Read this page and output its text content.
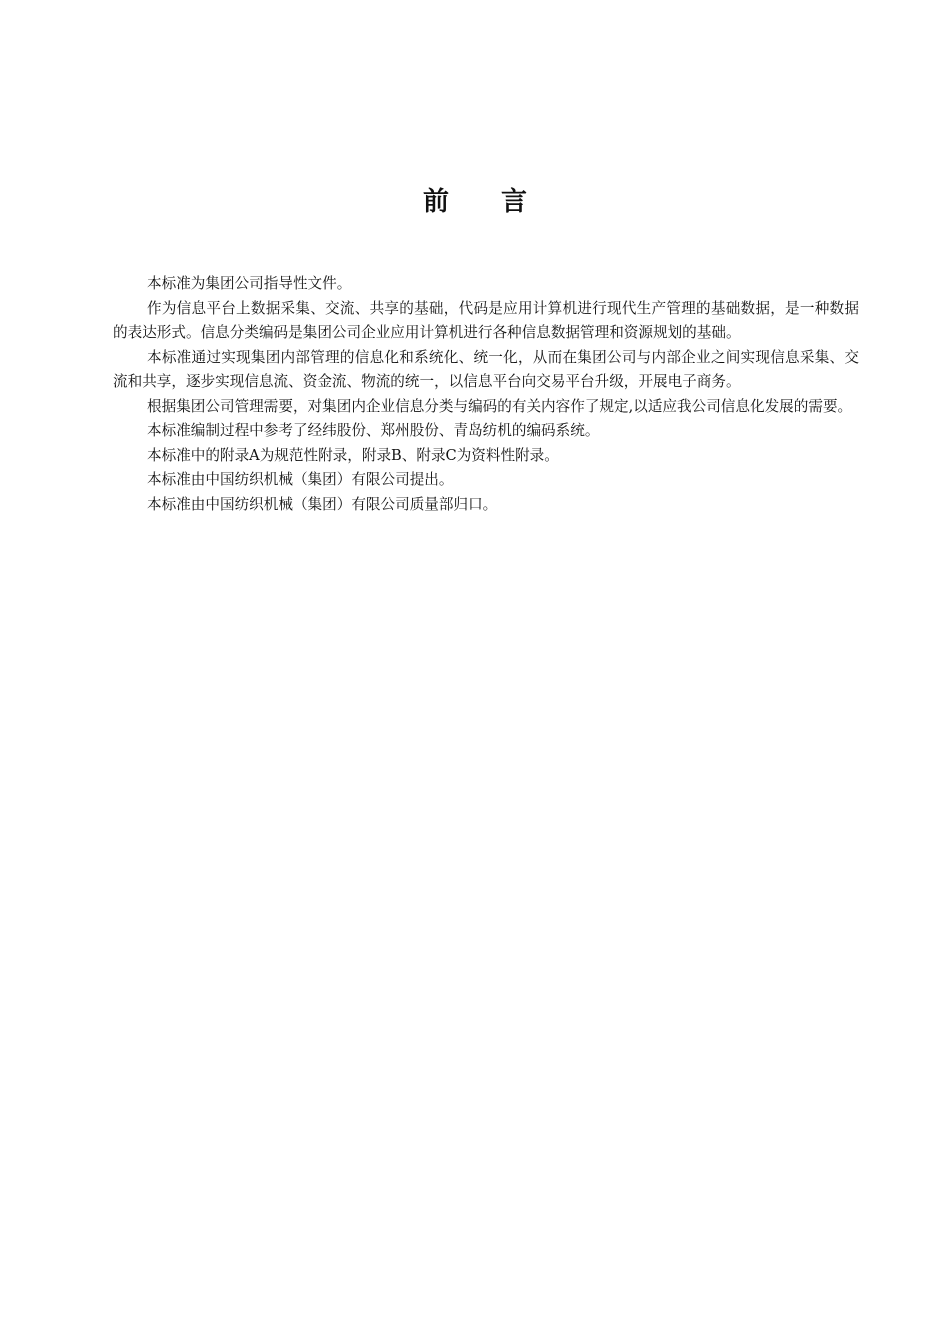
前言

本标准为集团公司指导性文件。

作为信息平台上数据采集、交流、共享的基础，代码是应用计算机进行现代生产管理的基础数据，是一种数据的表达形式。信息分类编码是集团公司企业应用计算机进行各种信息数据管理和资源规划的基础。

本标准通过实现集团内部管理的信息化和系统化、统一化，从而在集团公司与内部企业之间实现信息采集、交流和共享，逐步实现信息流、资金流、物流的统一，以信息平台向交易平台升级，开展电子商务。

根据集团公司管理需要，对集团内企业信息分类与编码的有关内容作了规定,以适应我公司信息化发展的需要。

本标准编制过程中参考了经纬股份、郑州股份、青岛纺机的编码系统。

本标准中的附录A为规范性附录，附录B、附录C为资料性附录。

本标准由中国纺织机械（集团）有限公司提出。

本标准由中国纺织机械（集团）有限公司质量部归口。
